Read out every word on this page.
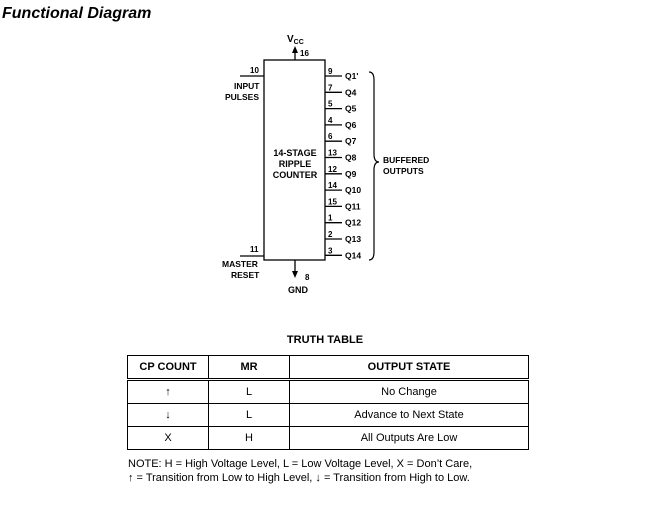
Functional Diagram
14-STAGE
RIPPLE
COUNTER
$V_{CC}$
16
8
GND
10
INPUT
PULSES
11
MASTER
RESET
9 Q1'
7 Q4
5 Q5
4 Q6
6 Q7
13 Q8
12 Q9
14 Q10
15 Q11
1 Q12
2 Q13
3 Q14
BUFFERED
OUTPUTS
TRUTH TABLE
CP COUNT	MR	OUTPUT STATE
↑	L	No Change
↓	L	Advance to Next State
X	H	All Outputs Are Low
NOTE: H = High Voltage Level, L = Low Voltage Level, X = Don’t Care,
↑ = Transition from Low to High Level, ↓ = Transition from High to Low.
